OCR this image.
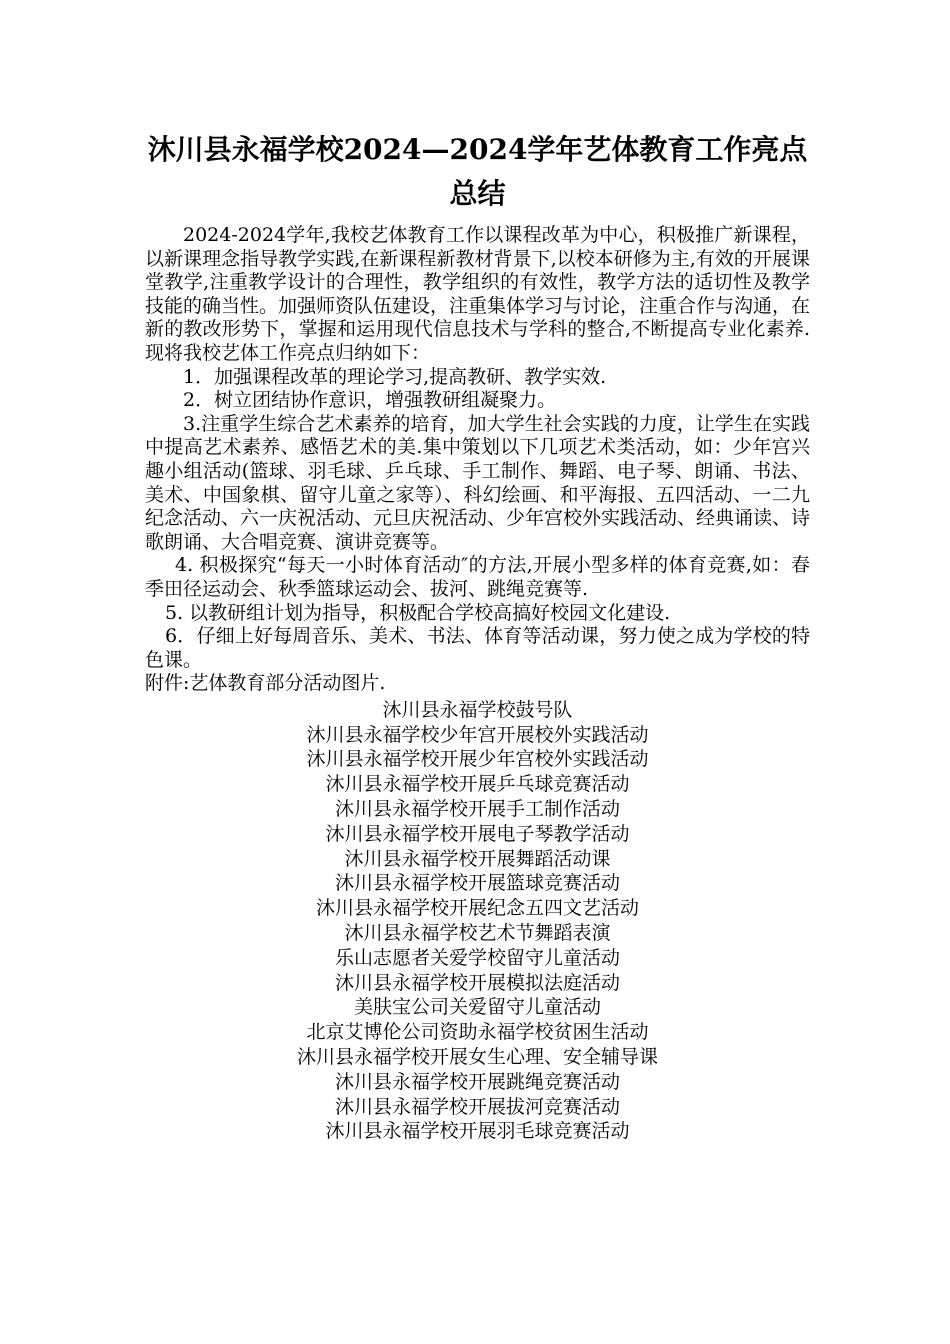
沐川县永福学校2024—2024学年艺体教育工作亮点
总结

2024-2024学年,我校艺体教育工作以课程改革为中心，积极推广新课程，以新课理念指导教学实践,在新课程新教材背景下,以校本研修为主,有效的开展课堂教学,注重教学设计的合理性，教学组织的有效性，教学方法的适切性及教学技能的确当性。加强师资队伍建设，注重集体学习与讨论，注重合作与沟通，在新的教改形势下，掌握和运用现代信息技术与学科的整合,不断提高专业化素养.现将我校艺体工作亮点归纳如下：

1．加强课程改革的理论学习,提高教研、教学实效.

2．树立团结协作意识，增强教研组凝聚力。

3.注重学生综合艺术素养的培育，加大学生社会实践的力度，让学生在实践中提高艺术素养、感悟艺术的美.集中策划以下几项艺术类活动，如：少年宫兴趣小组活动(篮球、羽毛球、乒乓球、手工制作、舞蹈、电子琴、朗诵、书法、美术、中国象棋、留守儿童之家等）、科幻绘画、和平海报、五四活动、一二九纪念活动、六一庆祝活动、元旦庆祝活动、少年宫校外实践活动、经典诵读、诗歌朗诵、大合唱竞赛、演讲竞赛等。

4. 积极探究“每天一小时体育活动″的方法,开展小型多样的体育竞赛,如：春季田径运动会、秋季篮球运动会、拔河、跳绳竞赛等.

5. 以教研组计划为指导，积极配合学校高搞好校园文化建设.

6．仔细上好每周音乐、美术、书法、体育等活动课，努力使之成为学校的特色课。

附件:艺体教育部分活动图片.

沐川县永福学校鼓号队
沐川县永福学校少年宫开展校外实践活动
沐川县永福学校开展少年宫校外实践活动
沐川县永福学校开展乒乓球竞赛活动
沐川县永福学校开展手工制作活动
沐川县永福学校开展电子琴教学活动
沐川县永福学校开展舞蹈活动课
沐川县永福学校开展篮球竞赛活动
沐川县永福学校开展纪念五四文艺活动
沐川县永福学校艺术节舞蹈表演
乐山志愿者关爱学校留守儿童活动
沐川县永福学校开展模拟法庭活动
美肤宝公司关爱留守儿童活动
北京艾博伦公司资助永福学校贫困生活动
沐川县永福学校开展女生心理、安全辅导课
沐川县永福学校开展跳绳竞赛活动
沐川县永福学校开展拔河竞赛活动
沐川县永福学校开展羽毛球竞赛活动
